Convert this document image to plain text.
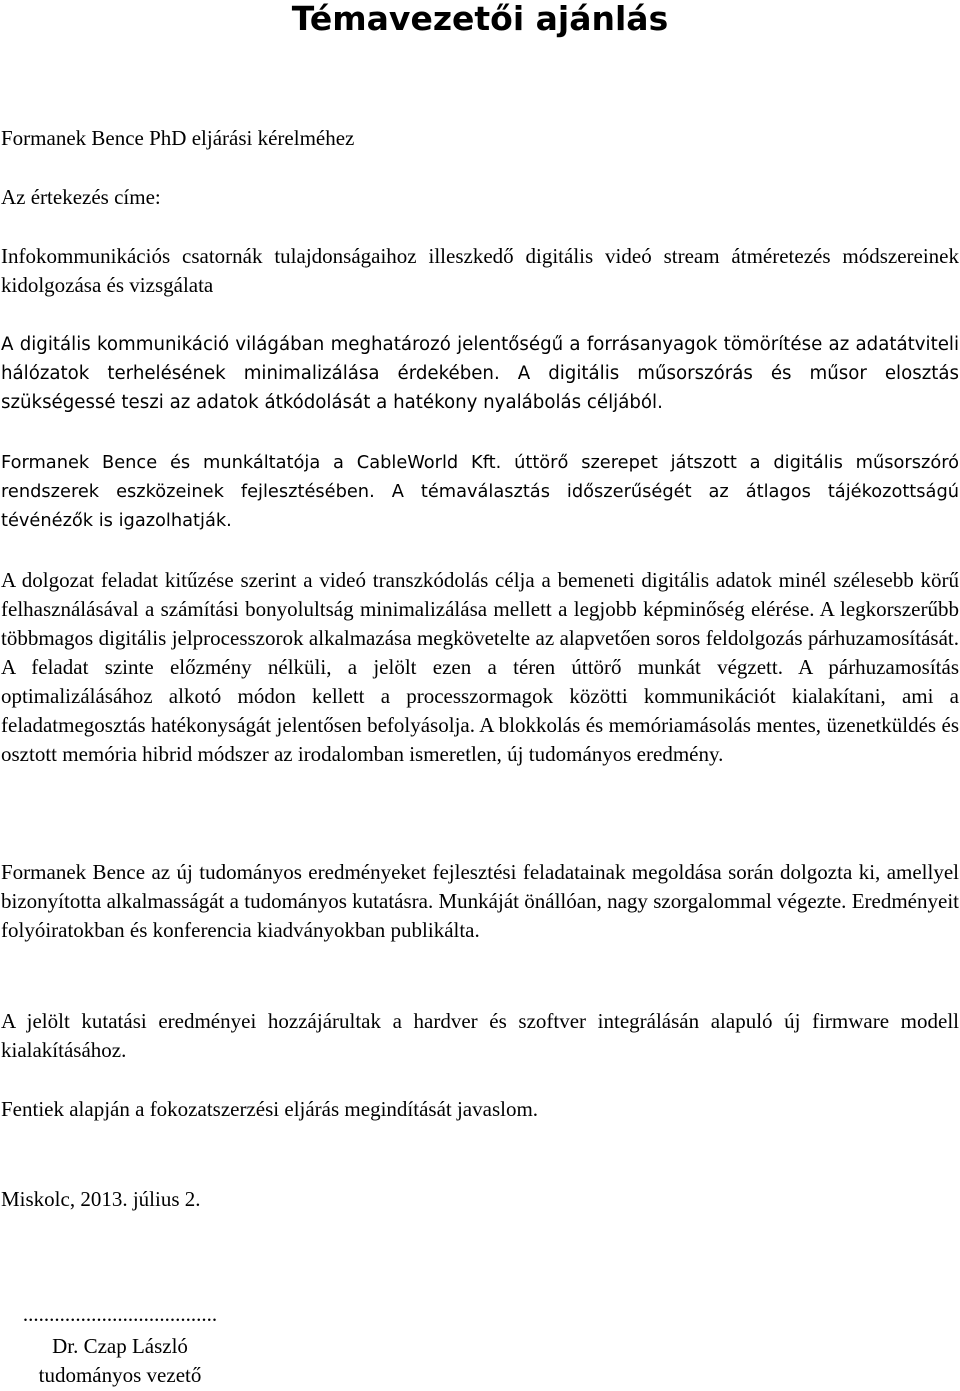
Témavezetői ajánlás

Formanek Bence PhD eljárási kérelméhez

Az értekezés címe:

Infokommunikációs csatornák tulajdonságaihoz illeszkedő digitális videó stream átméretezés módszereinek kidolgozása és vizsgálata

A digitális kommunikáció világában meghatározó jelentőségű a forrásanyagok tömörítése az adatátviteli hálózatok terhelésének minimalizálása érdekében. A digitális műsorszórás és műsor elosztás szükségessé teszi az adatok átkódolását a hatékony nyalábolás céljából.

Formanek Bence és munkáltatója a CableWorld Kft. úttörő szerepet játszott a digitális műsorszóró rendszerek eszközeinek fejlesztésében. A témaválasztás időszerűségét az átlagos tájékozottságú tévénézők is igazolhatják.

A dolgozat feladat kitűzése szerint a videó transzkódolás célja a bemeneti digitális adatok minél szélesebb körű felhasználásával a számítási bonyolultság minimalizálása mellett a legjobb képminőség elérése. A legkorszerűbb többmagos digitális jelprocesszorok alkalmazása megkövetelte az alapvetően soros feldolgozás párhuzamosítását. A feladat szinte előzmény nélküli, a jelölt ezen a téren úttörő munkát végzett. A párhuzamosítás optimalizálásához alkotó módon kellett a processzormagok közötti kommunikációt kialakítani, ami a feladatmegosztás hatékonyságát jelentősen befolyásolja. A blokkolás és memóriamásolás mentes, üzenetküldés és osztott memória hibrid módszer az irodalomban ismeretlen, új tudományos eredmény.

Formanek Bence az új tudományos eredményeket fejlesztési feladatainak megoldása során dolgozta ki, amellyel bizonyította alkalmasságát a tudományos kutatásra. Munkáját önállóan, nagy szorgalommal végezte. Eredményeit folyóiratokban és konferencia kiadványokban publikálta.

A jelölt kutatási eredményei hozzájárultak a hardver és szoftver integrálásán alapuló új firmware modell kialakításához.

Fentiek alapján a fokozatszerzési eljárás megindítását javaslom.

Miskolc, 2013. július 2.

.....................................

Dr. Czap László

tudományos vezető
